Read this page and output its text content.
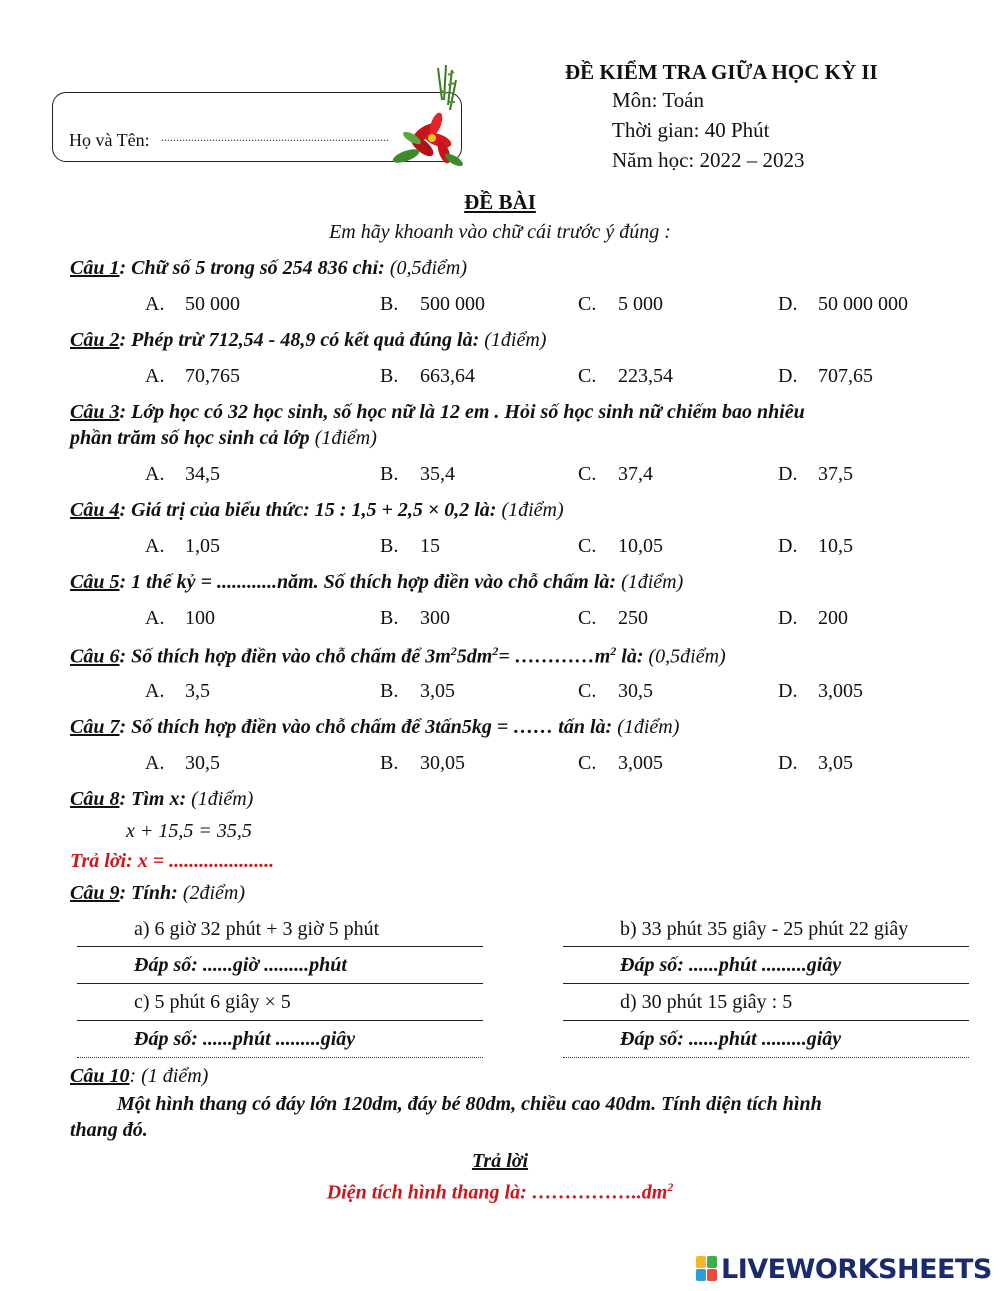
ĐỀ KIỂM TRA GIỮA HỌC KỲ II
Môn: Toán
Thời gian: 40 Phút
Năm học: 2022 – 2023
Họ và Tên: ............................................................................
ĐỀ BÀI
Em hãy khoanh vào chữ cái trước ý đúng :
Câu 1: Chữ số 5 trong số 254 836 chỉ: (0,5điểm)
A. 50 000	B. 500 000	C. 5 000	D. 50 000 000
Câu 2: Phép trừ 712,54 - 48,9 có kết quả đúng là: (1điểm)
A. 70,765	B. 663,64	C. 223,54	D. 707,65
Câu 3: Lớp học có 32 học sinh, số học nữ là 12 em . Hỏi số học sinh nữ chiếm bao nhiêu
phần trăm số học sinh cả lớp (1điểm)
A. 34,5	B. 35,4	C. 37,4	D. 37,5
Câu 4: Giá trị của biểu thức: 15 : 1,5 + 2,5 × 0,2 là: (1điểm)
A. 1,05	B. 15	C. 10,05	D. 10,5
Câu 5: 1 thế kỷ = ............năm. Số thích hợp điền vào chỗ chấm là: (1điểm)
A. 100	B. 300	C. 250	D. 200
Câu 6: Số thích hợp điền vào chỗ chấm để $3m^25dm^2=$ $\dots\dots\dots\dots m^2$ là: (0,5điểm)
A. 3,5	B. 3,05	C. 30,5	D. 3,005
Câu 7: Số thích hợp điền vào chỗ chấm để 3tấn5kg = …… tấn là: (1điểm)
A. 30,5	B. 30,05	C. 3,005	D. 3,05
Câu 8: Tìm x: (1điểm)
x + 15,5 = 35,5
Trả lời: x = .....................
Câu 9: Tính: (2điểm)
a) 6 giờ 32 phút + 3 giờ 5 phút	b) 33 phút 35 giây - 25 phút 22 giây
Đáp số: ......giờ .........phút	Đáp số: ......phút .........giây
c) 5 phút 6 giây × 5	d) 30 phút 15 giây : 5
Đáp số: ......phút .........giây	Đáp số: ......phút .........giây
Câu 10: (1 điểm)
Một hình thang có đáy lớn 120dm, đáy bé 80dm, chiều cao 40dm. Tính diện tích hình
thang đó.
Trả lời
Diện tích hình thang là: $\dots\dots\dots\dots\dots..dm^2$
LIVEWORKSHEETS
